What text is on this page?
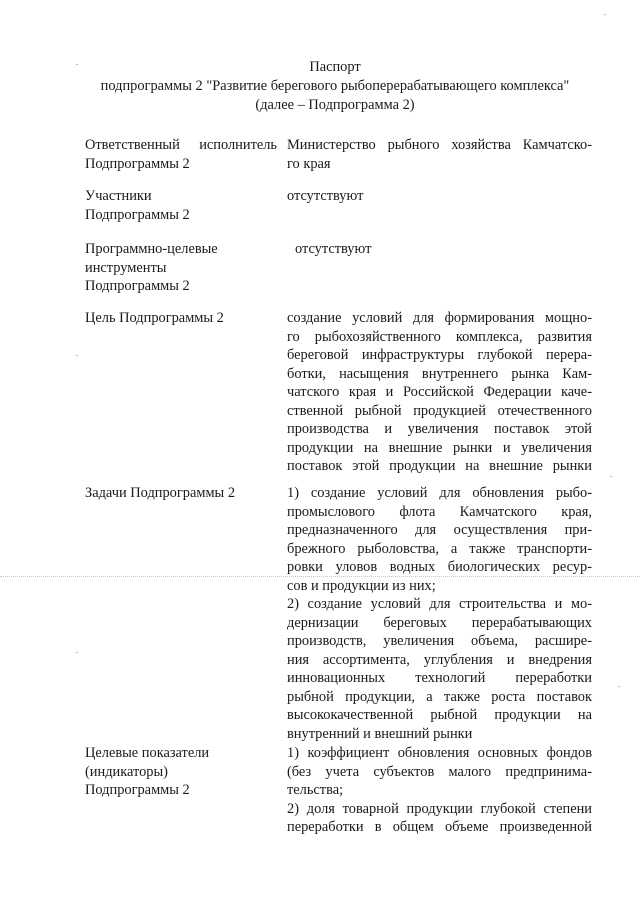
Паспорт
подпрограммы 2 "Развитие берегового рыбоперерабатывающего комплекса"
(далее – Подпрограмма 2)
Ответственный исполнитель
Подпрограммы 2
Министерство рыбного хозяйства Камчатско-
го края
Участники
Подпрограммы 2
отсутствуют
Программно-целевые
инструменты
Подпрограммы 2
отсутствуют
Цель Подпрограммы 2	создание условий для формирования мощно-
го рыбохозяйственного комплекса, развития
береговой инфраструктуры глубокой перера-
ботки, насыщения внутреннего рынка Кам-
чатского края и Российской Федерации каче-
ственной рыбной продукцией отечественного
производства и увеличения поставок этой
продукции на внешние рынки и увеличения
поставок этой продукции на внешние рынки
Задачи Подпрограммы 2	1) создание условий для обновления рыбо-
промыслового флота Камчатского края,
предназначенного для осуществления при-
брежного рыболовства, а также транспорти-
ровки уловов водных биологических ресур-
сов и продукции из них;
2) создание условий для строительства и мо-
дернизации береговых перерабатывающих
производств, увеличения объема, расшире-
ния ассортимента, углубления и внедрения
инновационных технологий переработки
рыбной продукции, а также роста поставок
высококачественной рыбной продукции на
внутренний и внешний рынки
Целевые показатели
(индикаторы)
Подпрограммы 2
1) коэффициент обновления основных фондов
(без учета субъектов малого предпринима-
тельства;
2) доля товарной продукции глубокой степени
переработки в общем объеме произведенной
